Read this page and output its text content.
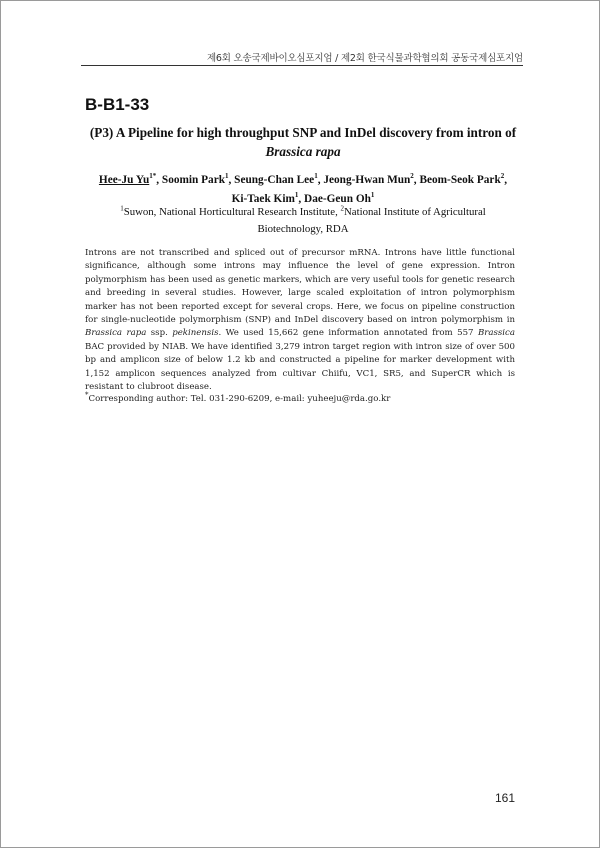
제6회 오송국제바이오심포지엄 / 제2회 한국식물과학협의회 공동국제심포지엄
B-B1-33
(P3) A Pipeline for high throughput SNP and InDel discovery from intron of
Brassica rapa
Hee-Ju $Yu^{1*}$, Soomin Park$^1$, Seung-Chan Lee$^1$, Jeong-Hwan Mun$^2$, Beom-Seok Park$^2$,
Ki-Taek Kim$^1$, Dae-Geun Oh$^1$
$^1$Suwon, National Horticultural Research Institute, $^2$National Institute of Agricultural
Biotechnology, RDA

Introns are not transcribed and spliced out of precursor mRNA. Introns have little functional significance, although some introns may influence the level of gene expression. Intron polymorphism has been used as genetic markers, which are very useful tools for genetic research and breeding in several studies. However, large scaled exploitation of intron polymorphism marker has not been reported except for several crops. Here, we focus on pipeline construction for single-nucleotide polymorphism (SNP) and InDel discovery based on intron polymorphism in Brassica rapa ssp. pekinensis. We used 15,662 gene information annotated from 557 Brassica BAC provided by NIAB. We have identified 3,279 intron target region with intron size of over 500 bp and amplicon size of below 1.2 kb and constructed a pipeline for marker development with 1,152 amplicon sequences analyzed from cultivar Chiifu, VC1, SR5, and SuperCR which is resistant to clubroot disease.

*Corresponding author: Tel. 031-290-6209, e-mail: yuheeju@rda.go.kr
161
